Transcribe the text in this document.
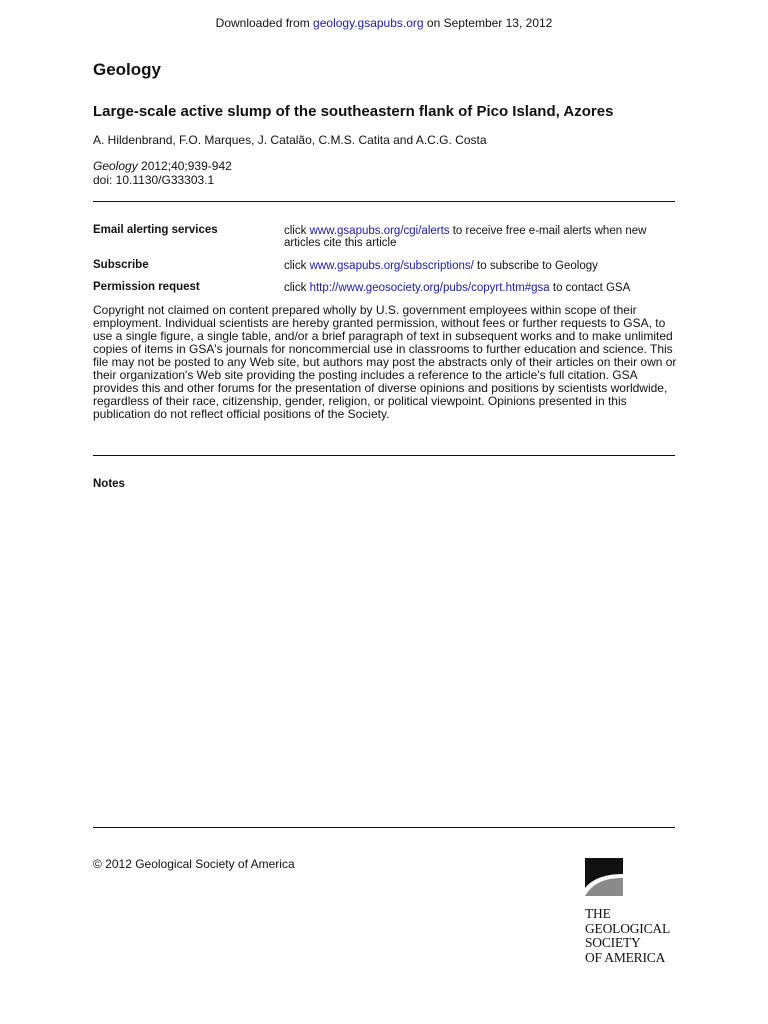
Downloaded from geology.gsapubs.org on September 13, 2012
Geology
Large-scale active slump of the southeastern flank of Pico Island, Azores
A. Hildenbrand, F.O. Marques, J. Catalão, C.M.S. Catita and A.C.G. Costa
Geology 2012;40;939-942
doi: 10.1130/G33303.1
Email alerting services	click www.gsapubs.org/cgi/alerts to receive free e-mail alerts when new articles cite this article
Subscribe	click www.gsapubs.org/subscriptions/ to subscribe to Geology
Permission request	click http://www.geosociety.org/pubs/copyrt.htm#gsa to contact GSA
Copyright not claimed on content prepared wholly by U.S. government employees within scope of their employment. Individual scientists are hereby granted permission, without fees or further requests to GSA, to use a single figure, a single table, and/or a brief paragraph of text in subsequent works and to make unlimited copies of items in GSA's journals for noncommercial use in classrooms to further education and science. This file may not be posted to any Web site, but authors may post the abstracts only of their articles on their own or their organization's Web site providing the posting includes a reference to the article's full citation. GSA provides this and other forums for the presentation of diverse opinions and positions by scientists worldwide, regardless of their race, citizenship, gender, religion, or political viewpoint. Opinions presented in this publication do not reflect official positions of the Society.
Notes
© 2012 Geological Society of America
THE
GEOLOGICAL
SOCIETY
OF AMERICA
